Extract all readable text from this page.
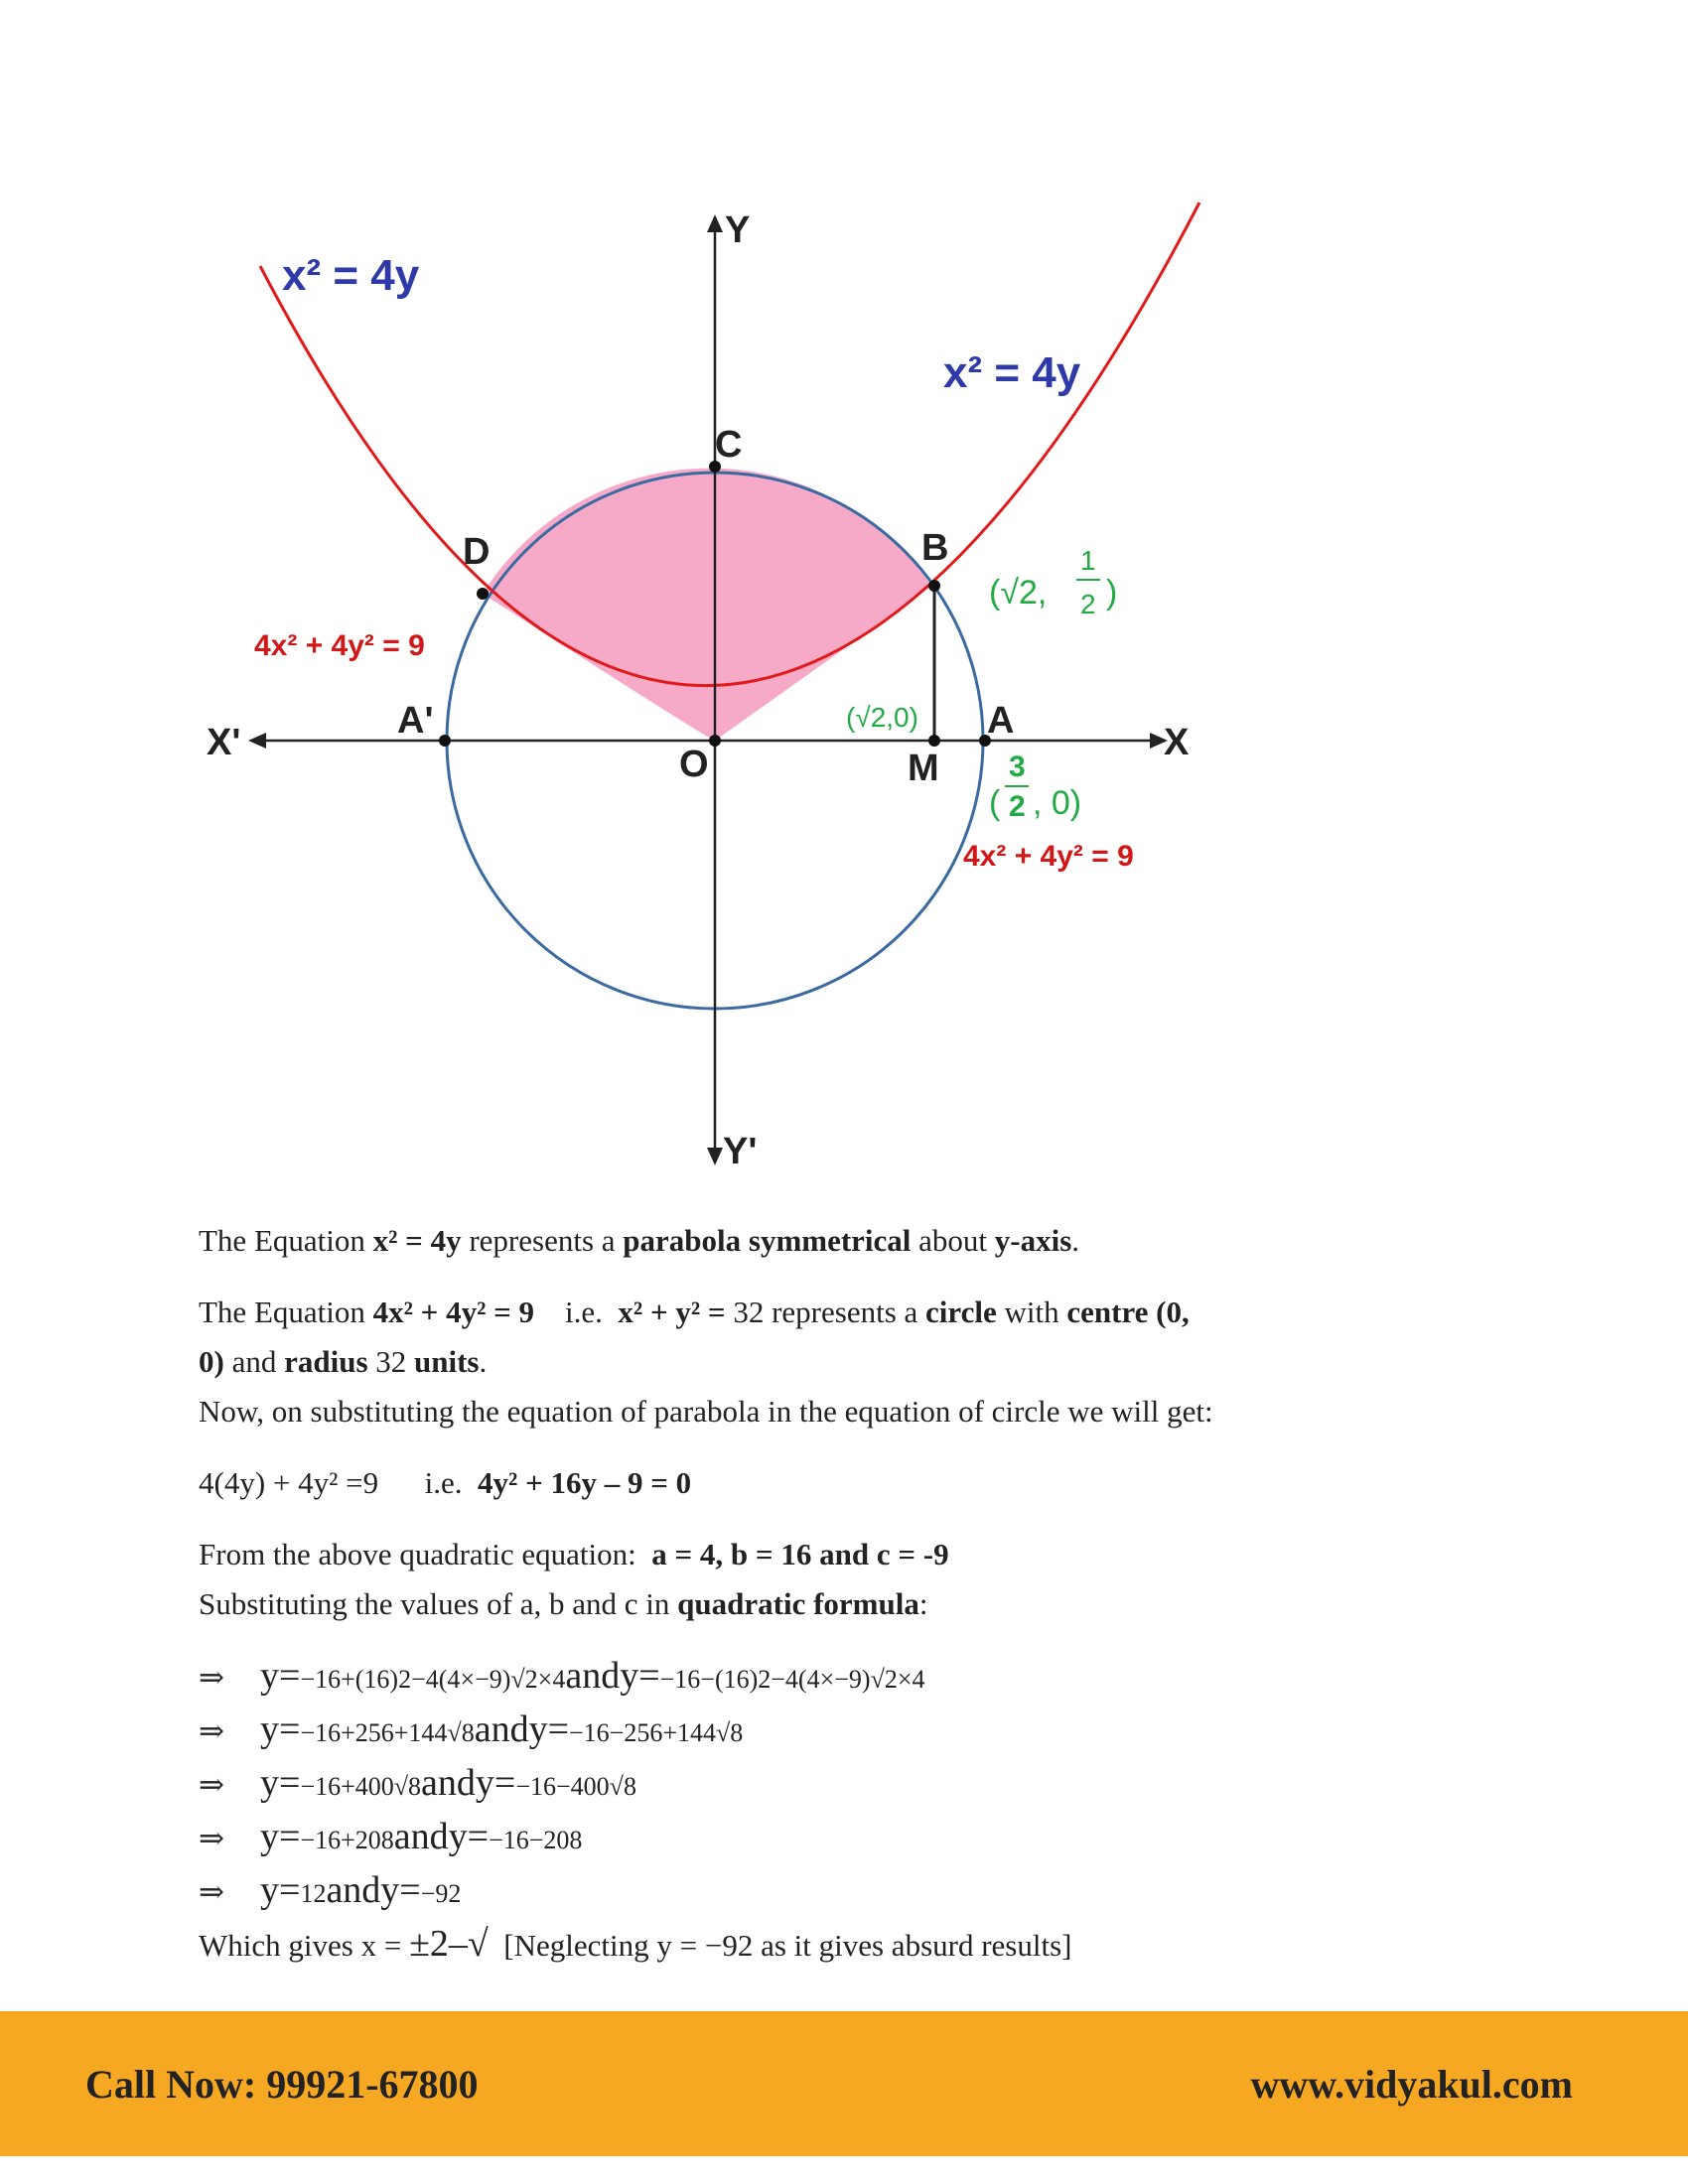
Y
Y'
X'	X
C
D	B
A'
O
A
M
x² = 4y
x² = 4y
4x² + 4y² = 9
4x² + 4y² = 9
(√2,
1
2 )
(√2,0)
(
3
2 , 0)

The Equation x² = 4y represents a parabola symmetrical about y-axis.

The Equation 4x² + 4y² = 9    i.e.  x² + y² = 32 represents a circle with centre (0,

0) and radius 32 units.

Now, on substituting the equation of parabola in the equation of circle we will get:

4(4y) + 4y² =9      i.e.  4y² + 16y – 9 = 0

From the above quadratic equation:  a = 4, b = 16 and c = -9

Substituting the values of a, b and c in quadratic formula:

⇒ y= −16+(16)2−4(4×−9)√2×4 andy= −16−(16)2−4(4×−9)√2×4

⇒ y= −16+256+144√8 andy= −16−256+144√8

⇒ y= −16+400√8 andy= −16−400√8

⇒ y= −16+208 andy= −16−208

⇒ y= 12 andy= −92

Which gives x = ±2–√  [Neglecting y = −92 as it gives absurd results]

Call Now: 99921-67800	www.vidyakul.com
